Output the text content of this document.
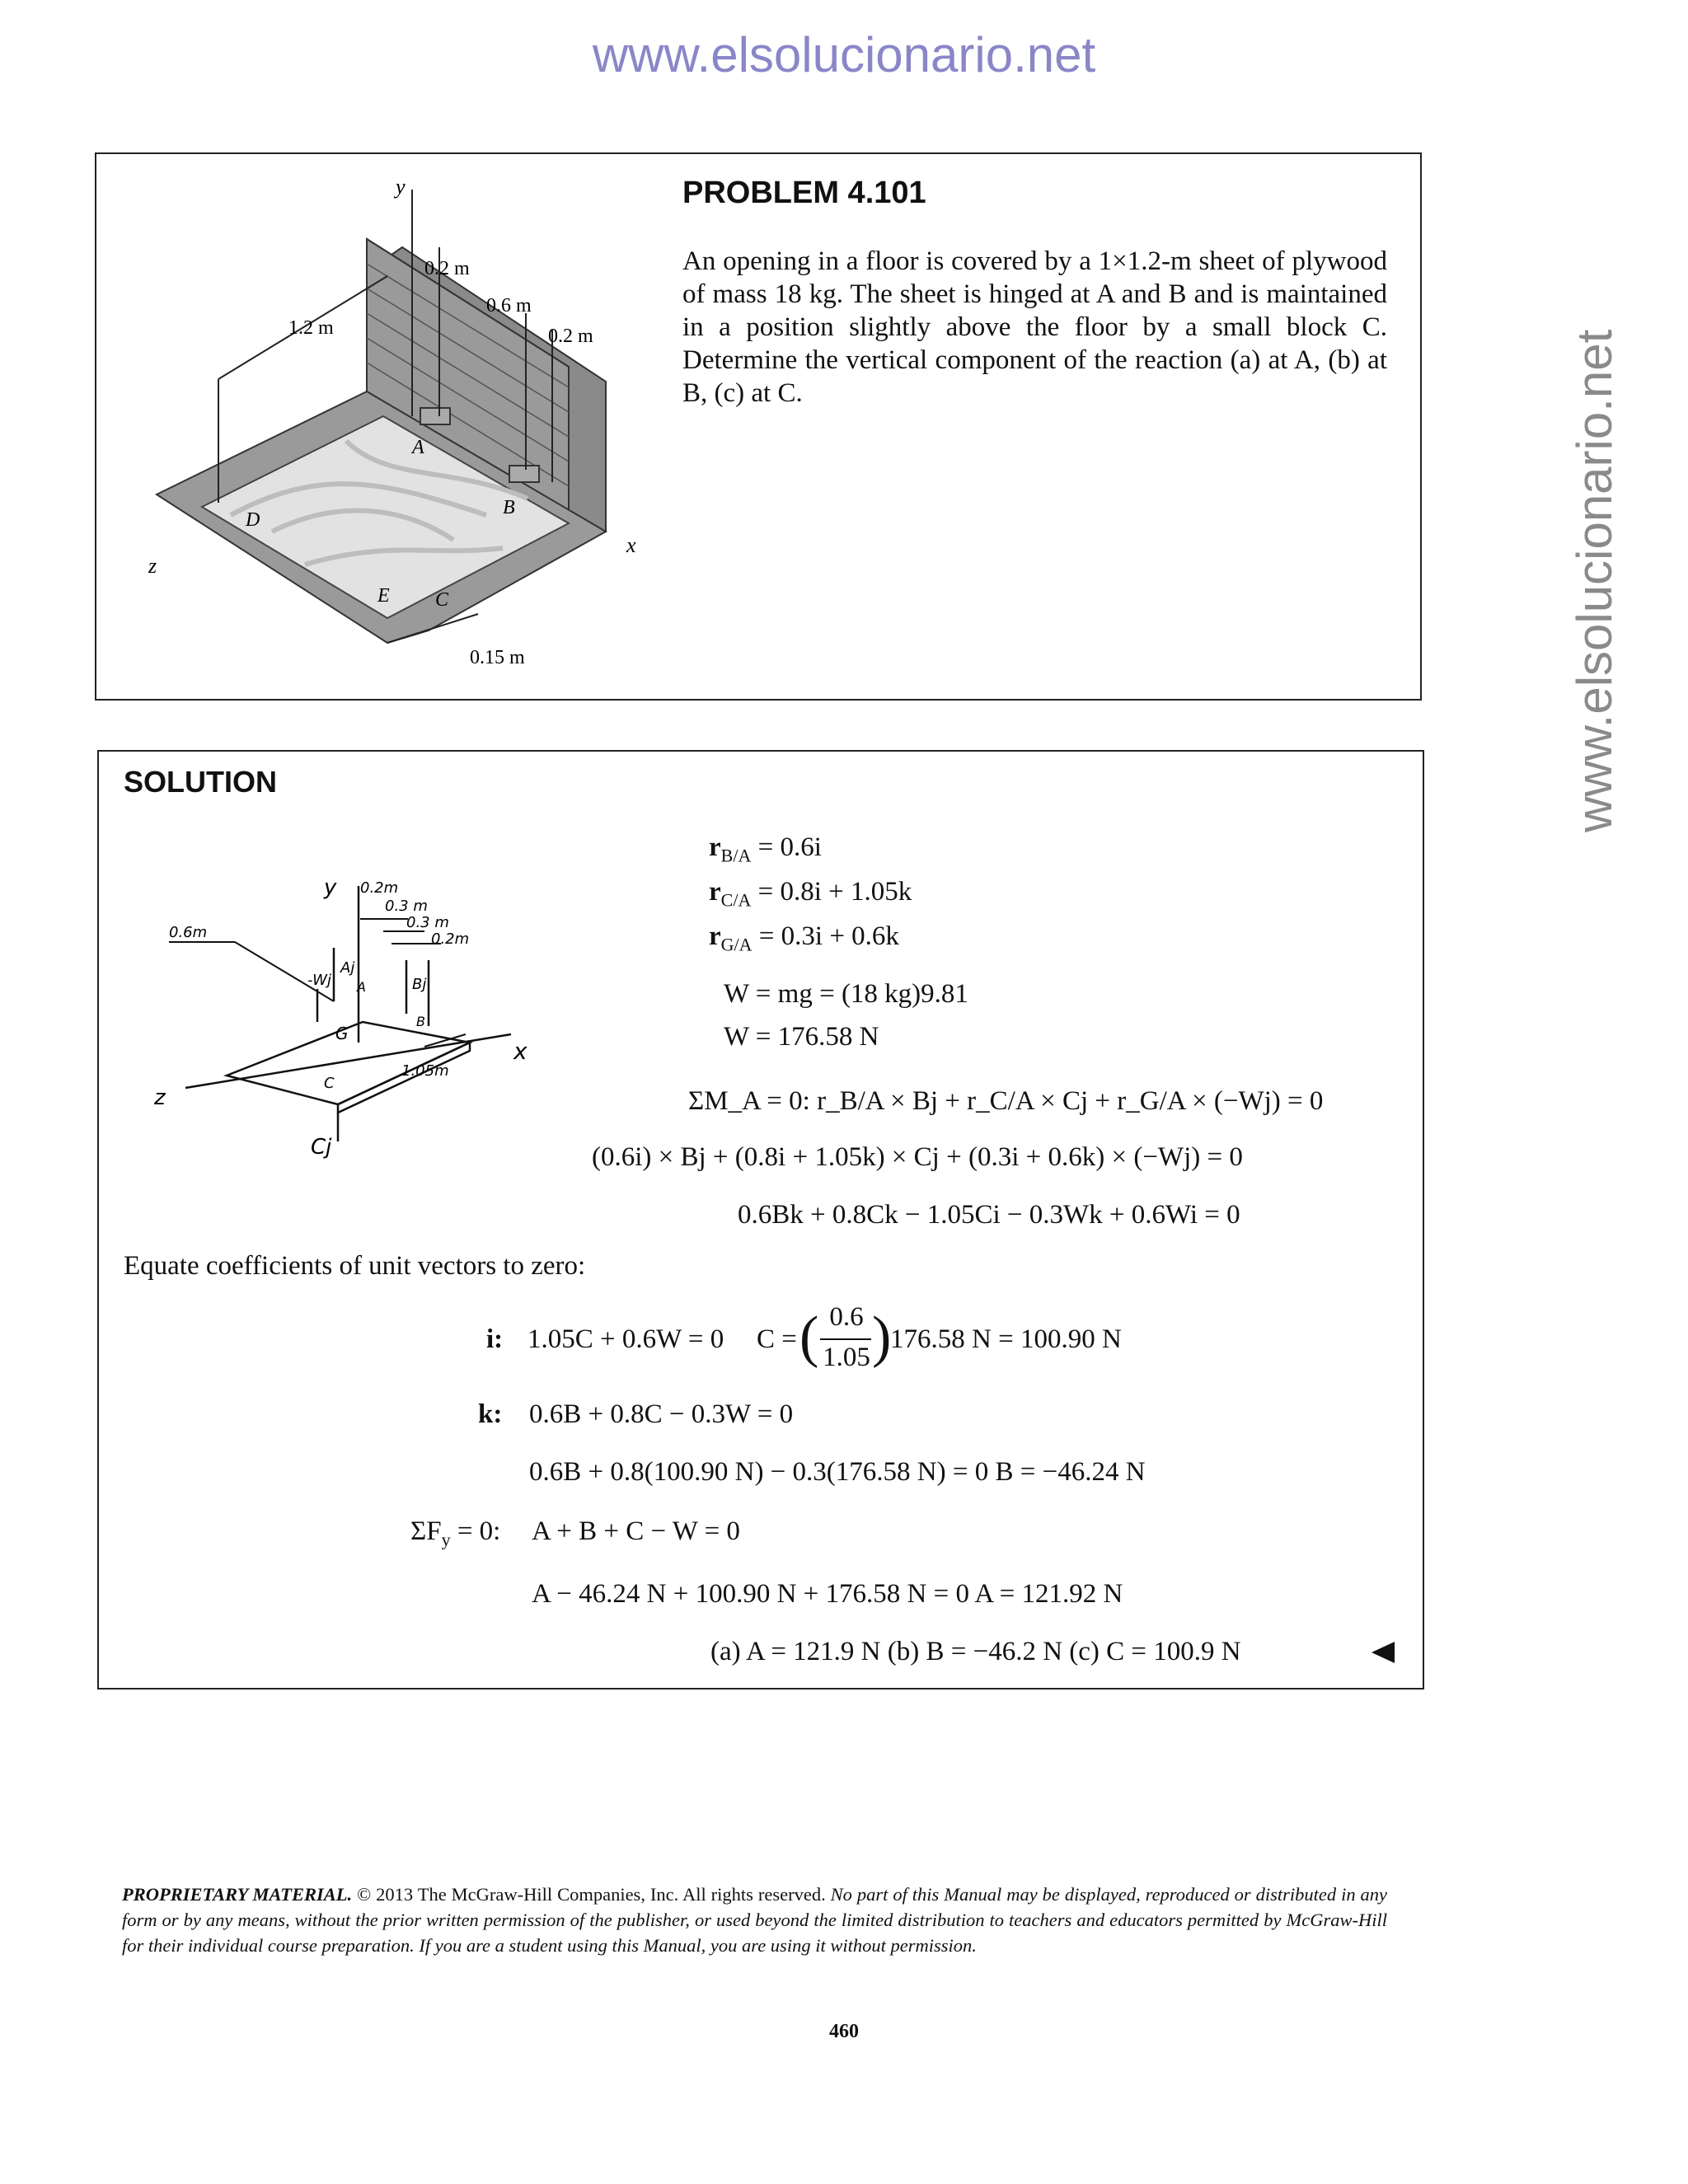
www.elsolucionario.net
www.elsolucionario.net
PROBLEM 4.101
An opening in a floor is covered by a 1×1.2-m sheet of plywood of mass 18 kg. The sheet is hinged at A and B and is maintained in a position slightly above the floor by a small block C. Determine the vertical component of the reaction (a) at A, (b) at B, (c) at C.
y
x
z
0.2 m
0.6 m
0.2 m
1.2 m
0.15 m
A
B
C
D
E
SOLUTION
y
x
z
0.2m
0.3 m
0.3 m
0.2m
0.6m
1.05m
Aj
Bj
-Wj
Cj
A
B
C
G
$r_{B/A} = 0.6i$
$r_{C/A} = 0.8i + 1.05k$
$r_{G/A} = 0.3i + 0.6k$
W = mg = (18 kg)9.81
W = 176.58 N
ΣM_A = 0: r_B/A × Bj + r_C/A × Cj + r_G/A × (−Wj) = 0
(0.6i) × Bj + (0.8i + 1.05k) × Cj + (0.3i + 0.6k) × (−Wj) = 0
0.6Bk + 0.8Ck − 1.05Ci − 0.3Wk + 0.6Wi = 0
Equate coefficients of unit vectors to zero:
i: 1.05C + 0.6W = 0 C = ( 0.6
1.05 )
176.58 N = 100.90 N
k: 0.6B + 0.8C − 0.3W = 0
0.6B + 0.8(100.90 N) − 0.3(176.58 N) = 0 B = −46.24 N
$\Sigma F_y = 0$: A + B + C − W = 0
A − 46.24 N + 100.90 N + 176.58 N = 0 A = 121.92 N
(a) A = 121.9 N (b) B = −46.2 N (c) C = 100.9 N
PROPRIETARY MATERIAL. © 2013 The McGraw-Hill Companies, Inc. All rights reserved. No part of this Manual may be displayed, reproduced or distributed in any form or by any means, without the prior written permission of the publisher, or used beyond the limited distribution to teachers and educators permitted by McGraw-Hill for their individual course preparation. If you are a student using this Manual, you are using it without permission.
460
